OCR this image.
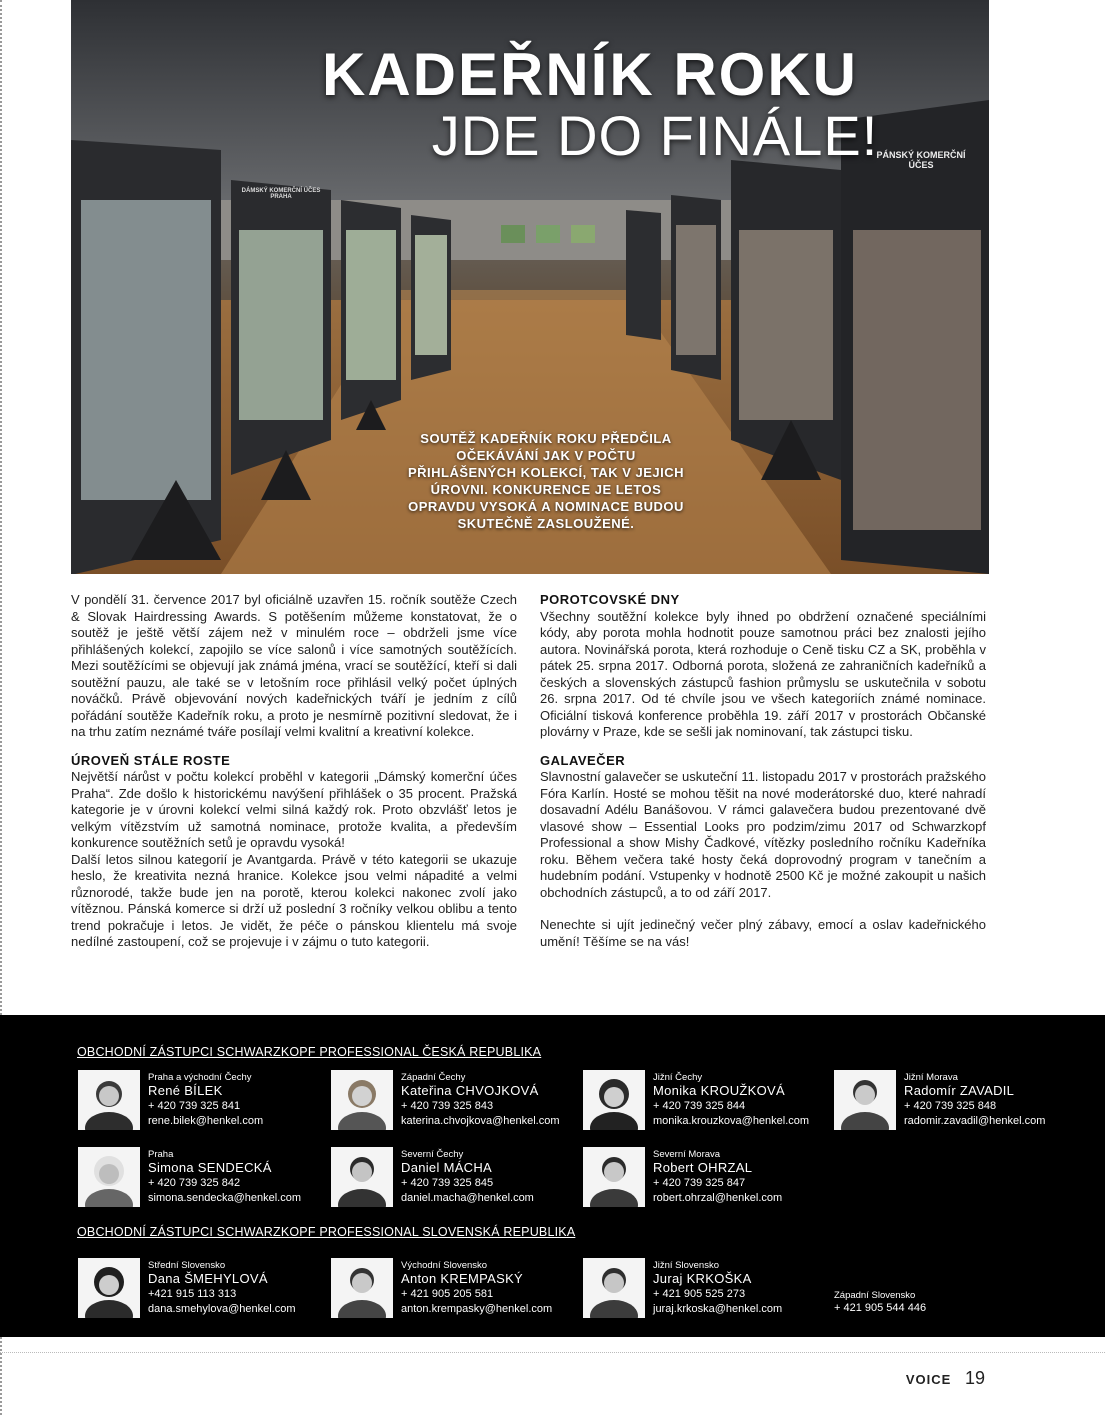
KADEŘNÍK ROKU
JDE DO FINÁLE!
SOUTĚŽ KADEŘNÍK ROKU PŘEDČILA OČEKÁVÁNÍ JAK V POČTU PŘIHLÁŠENÝCH KOLEKCÍ, TAK V JEJICH ÚROVNI. KONKURENCE JE LETOS OPRAVDU VYSOKÁ A NOMINACE BUDOU SKUTEČNĚ ZASLOUŽENÉ.
DÁMSKÝ KOMERČNÍ ÚČES PRAHA
PÁNSKÝ KOMERČNÍ ÚČES

V pondělí 31. července 2017 byl oficiálně uzavřen 15. ročník soutěže Czech & Slovak Hairdressing Awards. S potěšením můžeme konstatovat, že o soutěž je ještě větší zájem než v minulém roce – obdrželi jsme více přihlášených kolekcí, zapojilo se více salonů i více samotných soutěžících. Mezi soutěžícími se objevují jak známá jména, vrací se soutěžící, kteří si dali soutěžní pauzu, ale také se v letošním roce přihlásil velký počet úplných nováčků. Právě objevování nových kadeřnických tváří je jedním z cílů pořádání soutěže Kadeřník roku, a proto je nesmírně pozitivní sledovat, že i na trhu zatím neznámé tváře posílají velmi kvalitní a kreativní kolekce.

ÚROVEŇ STÁLE ROSTE

Největší nárůst v počtu kolekcí proběhl v kategorii „Dámský komerční účes Praha“. Zde došlo k historickému navýšení přihlášek o 35 procent. Pražská kategorie je v úrovni kolekcí velmi silná každý rok. Proto obzvlášť letos je velkým vítězstvím už samotná nominace, protože kvalita, a především konkurence soutěžních setů je opravdu vysoká!

Další letos silnou kategorií je Avantgarda. Právě v této kategorii se ukazuje heslo, že kreativita nezná hranice. Kolekce jsou velmi nápadité a velmi různorodé, takže bude jen na porotě, kterou kolekci nakonec zvolí jako vítěznou. Pánská komerce si drží už poslední 3 ročníky velkou oblibu a tento trend pokračuje i letos. Je vidět, že péče o pánskou klientelu má svoje nedílné zastoupení, což se projevuje i v zájmu o tuto kategorii.

POROTCOVSKÉ DNY

Všechny soutěžní kolekce byly ihned po obdržení označené speciálními kódy, aby porota mohla hodnotit pouze samotnou práci bez znalosti jejího autora. Novinářská porota, která rozhoduje o Ceně tisku CZ a SK, proběhla v pátek 25. srpna 2017. Odborná porota, složená ze zahraničních kadeřníků a českých a slovenských zástupců fashion průmyslu se uskutečnila v sobotu 26. srpna 2017. Od té chvíle jsou ve všech kategoriích známé nominace. Oficiální tisková konference proběhla 19. září 2017 v prostorách Občanské plovárny v Praze, kde se sešli jak nominovaní, tak zástupci tisku.

GALAVEČER

Slavnostní galavečer se uskuteční 11. listopadu 2017 v prostorách pražského Fóra Karlín. Hosté se mohou těšit na nové moderátorské duo, které nahradí dosavadní Adélu Banášovou. V rámci galavečera budou prezentované dvě vlasové show – Essential Looks pro podzim/zimu 2017 od Schwarzkopf Professional a show Mishy Čadkové, vítězky posledního ročníku Kadeřníka roku. Během večera také hosty čeká doprovodný program v tanečním a hudebním podání. Vstupenky v hodnotě 2500 Kč je možné zakoupit u našich obchodních zástupců, a to od září 2017.

Nenechte si ujít jedinečný večer plný zábavy, emocí a oslav kadeřnického umění! Těšíme se na vás!

OBCHODNÍ ZÁSTUPCI SCHWARZKOPF PROFESSIONAL ČESKÁ REPUBLIKA
Praha a východní Čechy
René BÍLEK
+ 420 739 325 841
rene.bilek@henkel.com
Západní Čechy
Kateřina CHVOJKOVÁ
+ 420 739 325 843
katerina.chvojkova@henkel.com
Jižní Čechy
Monika KROUŽKOVÁ
+ 420 739 325 844
monika.krouzkova@henkel.com
Jižní Morava
Radomír ZAVADIL
+ 420 739 325 848
radomir.zavadil@henkel.com
Praha
Simona SENDECKÁ
+ 420 739 325 842
simona.sendecka@henkel.com
Severní Čechy
Daniel MÁCHA
+ 420 739 325 845
daniel.macha@henkel.com
Severní Morava
Robert OHRZAL
+ 420 739 325 847
robert.ohrzal@henkel.com
OBCHODNÍ ZÁSTUPCI SCHWARZKOPF PROFESSIONAL SLOVENSKÁ REPUBLIKA
Střední Slovensko
Dana ŠMEHYLOVÁ
+421 915 113 313
dana.smehylova@henkel.com
Východní Slovensko
Anton KREMPASKÝ
+ 421 905 205 581
anton.krempasky@henkel.com
Jižní Slovensko
Juraj KRKOŠKA
+ 421 905 525 273
juraj.krkoska@henkel.com
Západní Slovensko
+ 421 905 544 446
VOICE 19
